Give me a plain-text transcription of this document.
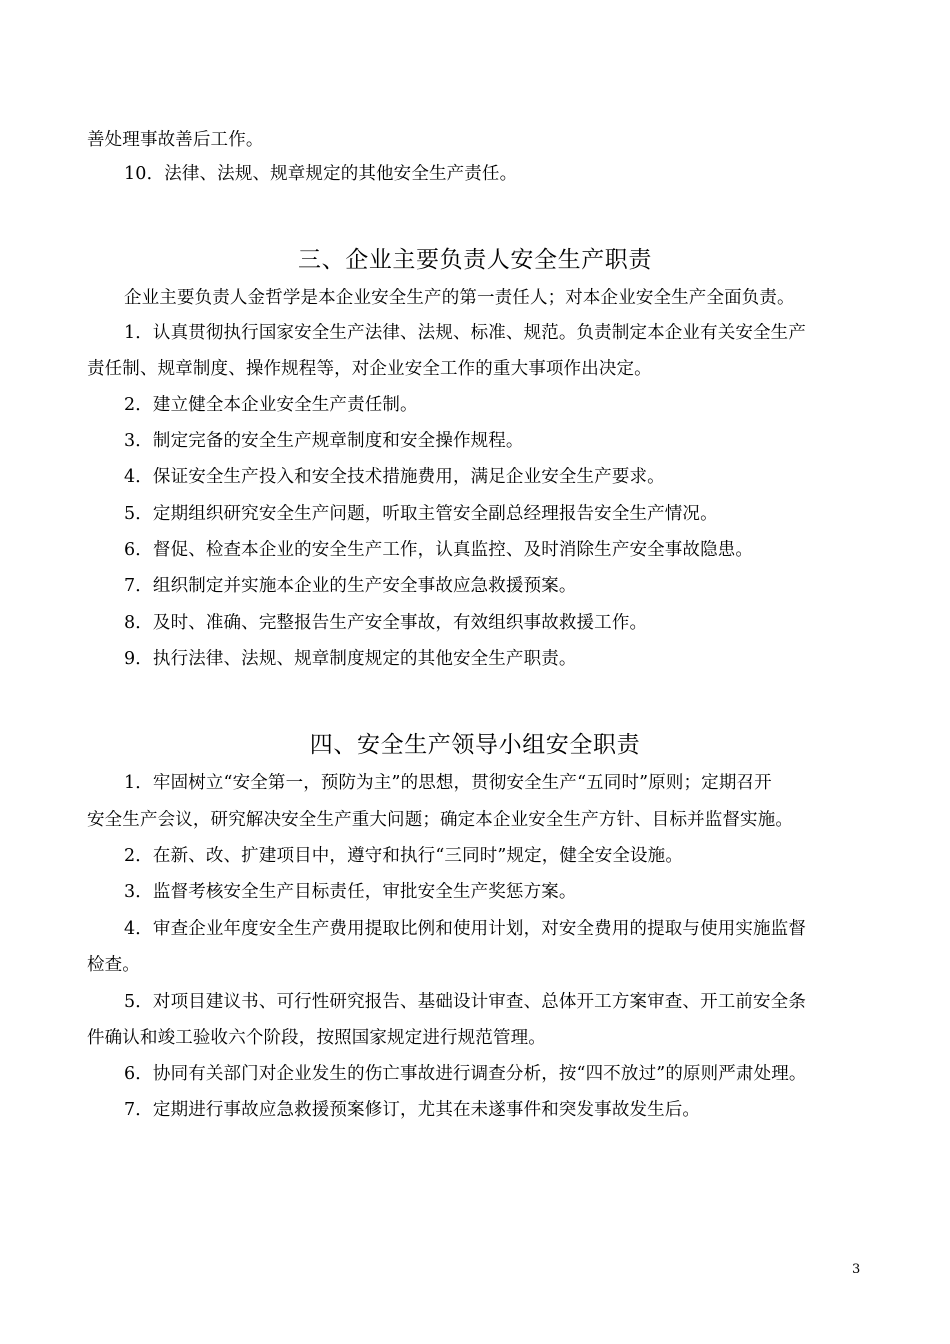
善处理事故善后工作。
10．法律、法规、规章规定的其他安全生产责任。
三、企业主要负责人安全生产职责
企业主要负责人金哲学是本企业安全生产的第一责任人；对本企业安全生产全面负责。
1．认真贯彻执行国家安全生产法律、法规、标准、规范。负责制定本企业有关安全生产
责任制、规章制度、操作规程等，对企业安全工作的重大事项作出决定。
2．建立健全本企业安全生产责任制。
3．制定完备的安全生产规章制度和安全操作规程。
4．保证安全生产投入和安全技术措施费用，满足企业安全生产要求。
5．定期组织研究安全生产问题，听取主管安全副总经理报告安全生产情况。
6．督促、检查本企业的安全生产工作，认真监控、及时消除生产安全事故隐患。
7．组织制定并实施本企业的生产安全事故应急救援预案。
8．及时、准确、完整报告生产安全事故，有效组织事故救援工作。
9．执行法律、法规、规章制度规定的其他安全生产职责。
四、安全生产领导小组安全职责
1．牢固树立“安全第一，预防为主”的思想，贯彻安全生产“五同时”原则；定期召开
安全生产会议，研究解决安全生产重大问题；确定本企业安全生产方针、目标并监督实施。
2．在新、改、扩建项目中，遵守和执行“三同时”规定，健全安全设施。
3．监督考核安全生产目标责任，审批安全生产奖惩方案。
4．审查企业年度安全生产费用提取比例和使用计划，对安全费用的提取与使用实施监督
检查。
5．对项目建议书、可行性研究报告、基础设计审查、总体开工方案审查、开工前安全条
件确认和竣工验收六个阶段，按照国家规定进行规范管理。
6．协同有关部门对企业发生的伤亡事故进行调查分析，按“四不放过”的原则严肃处理。
7．定期进行事故应急救援预案修订，尤其在未遂事件和突发事故发生后。
3
